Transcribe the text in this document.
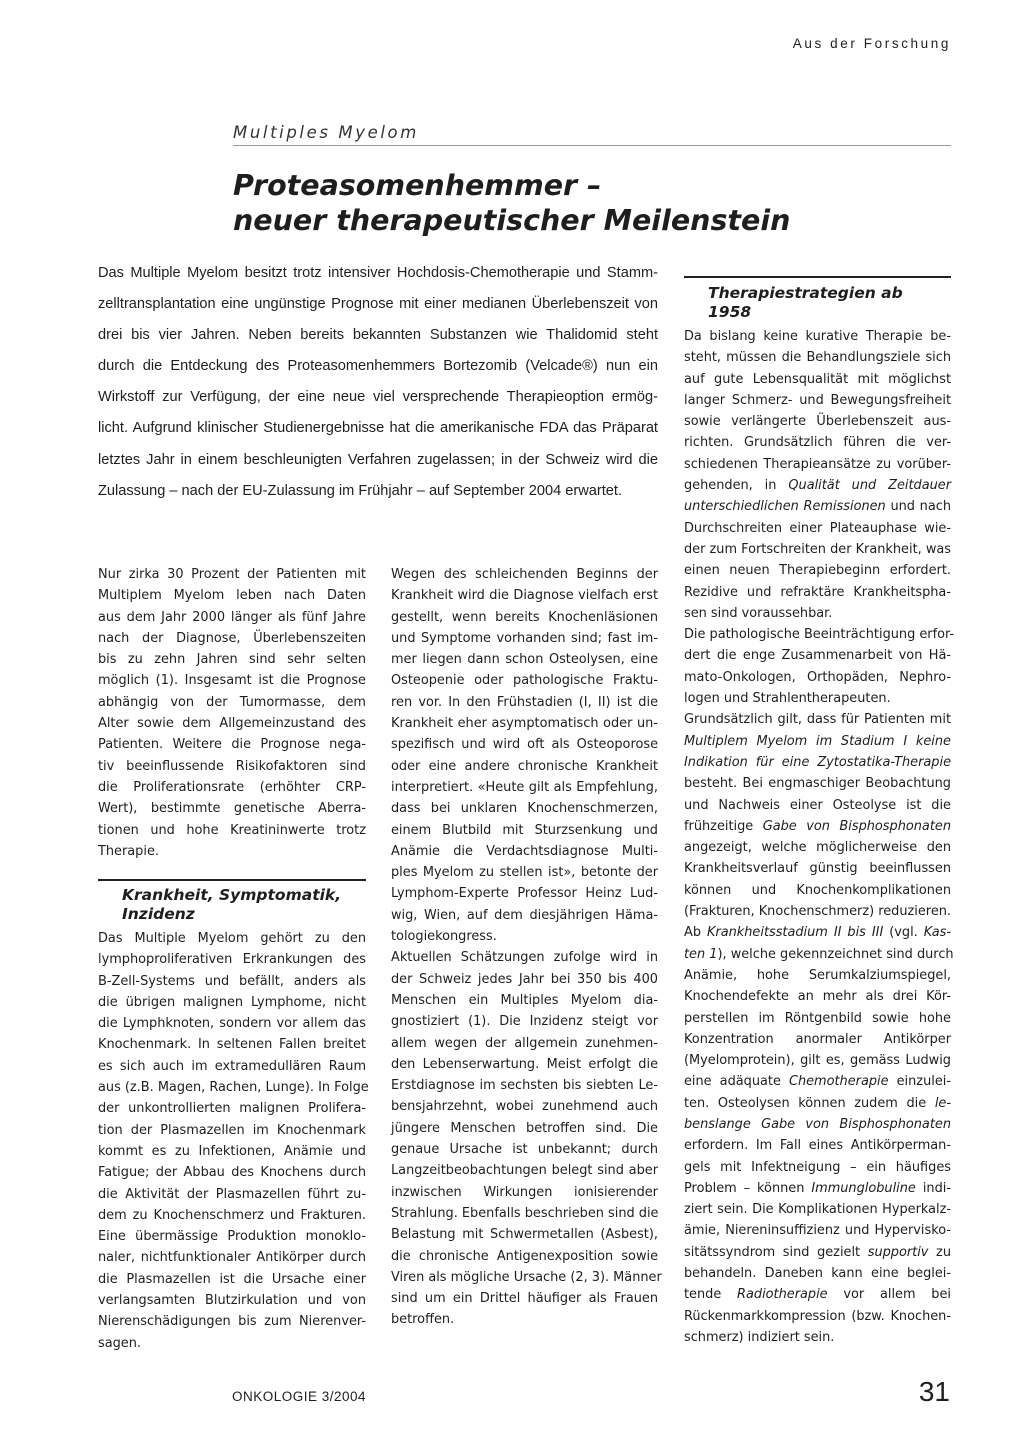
Aus der Forschung
Multiples Myelom
Proteasomenhemmer –
neuer therapeutischer Meilenstein
Das Multiple Myelom besitzt trotz intensiver Hochdosis-Chemotherapie und Stamm-
zelltransplantation eine ungünstige Prognose mit einer medianen Überlebenszeit von
drei bis vier Jahren. Neben bereits bekannten Substanzen wie Thalidomid steht
durch die Entdeckung des Proteasomenhemmers Bortezomib (Velcade®) nun ein
Wirkstoff zur Verfügung, der eine neue viel versprechende Therapieoption ermög-
licht. Aufgrund klinischer Studienergebnisse hat die amerikanische FDA das Präparat
letztes Jahr in einem beschleunigten Verfahren zugelassen; in der Schweiz wird die
Zulassung – nach der EU-Zulassung im Frühjahr – auf September 2004 erwartet.
Nur zirka 30 Prozent der Patienten mit
Multiplem Myelom leben nach Daten
aus dem Jahr 2000 länger als fünf Jahre
nach der Diagnose, Überlebenszeiten
bis zu zehn Jahren sind sehr selten
möglich (1). Insgesamt ist die Prognose
abhängig von der Tumormasse, dem
Alter sowie dem Allgemeinzustand des
Patienten. Weitere die Prognose nega-
tiv beeinflussende Risikofaktoren sind
die Proliferationsrate (erhöhter CRP-
Wert), bestimmte genetische Aberra-
tionen und hohe Kreatininwerte trotz
Therapie.
Krankheit, Symptomatik,
Inzidenz
Das Multiple Myelom gehört zu den
lymphoproliferativen Erkrankungen des
B-Zell-Systems und befällt, anders als
die übrigen malignen Lymphome, nicht
die Lymphknoten, sondern vor allem das
Knochenmark. In seltenen Fallen breitet
es sich auch im extramedullären Raum
aus (z.B. Magen, Rachen, Lunge). In Folge
der unkontrollierten malignen Prolifera-
tion der Plasmazellen im Knochenmark
kommt es zu Infektionen, Anämie und
Fatigue; der Abbau des Knochens durch
die Aktivität der Plasmazellen führt zu-
dem zu Knochenschmerz und Frakturen.
Eine übermässige Produktion monoklo-
naler, nichtfunktionaler Antikörper durch
die Plasmazellen ist die Ursache einer
verlangsamten Blutzirkulation und von
Nierenschädigungen bis zum Nierenver-
sagen.
Wegen des schleichenden Beginns der
Krankheit wird die Diagnose vielfach erst
gestellt, wenn bereits Knochenläsionen
und Symptome vorhanden sind; fast im-
mer liegen dann schon Osteolysen, eine
Osteopenie oder pathologische Fraktu-
ren vor. In den Frühstadien (I, II) ist die
Krankheit eher asymptomatisch oder un-
spezifisch und wird oft als Osteoporose
oder eine andere chronische Krankheit
interpretiert. «Heute gilt als Empfehlung,
dass bei unklaren Knochenschmerzen,
einem Blutbild mit Sturzsenkung und
Anämie die Verdachtsdiagnose Multi-
ples Myelom zu stellen ist», betonte der
Lymphom-Experte Professor Heinz Lud-
wig, Wien, auf dem diesjährigen Häma-
tologiekongress.
Aktuellen Schätzungen zufolge wird in
der Schweiz jedes Jahr bei 350 bis 400
Menschen ein Multiples Myelom dia-
gnostiziert (1). Die Inzidenz steigt vor
allem wegen der allgemein zunehmen-
den Lebenserwartung. Meist erfolgt die
Erstdiagnose im sechsten bis siebten Le-
bensjahrzehnt, wobei zunehmend auch
jüngere Menschen betroffen sind. Die
genaue Ursache ist unbekannt; durch
Langzeitbeobachtungen belegt sind aber
inzwischen Wirkungen ionisierender
Strahlung. Ebenfalls beschrieben sind die
Belastung mit Schwermetallen (Asbest),
die chronische Antigenexposition sowie
Viren als mögliche Ursache (2, 3). Männer
sind um ein Drittel häufiger als Frauen
betroffen.
Therapiestrategien ab
1958
Da bislang keine kurative Therapie be-
steht, müssen die Behandlungsziele sich
auf gute Lebensqualität mit möglichst
langer Schmerz- und Bewegungsfreiheit
sowie verlängerte Überlebenszeit aus-
richten. Grundsätzlich führen die ver-
schiedenen Therapieansätze zu vorüber-
gehenden, in Qualität und Zeitdauer
unterschiedlichen Remissionen und nach
Durchschreiten einer Plateauphase wie-
der zum Fortschreiten der Krankheit, was
einen neuen Therapiebeginn erfordert.
Rezidive und refraktäre Krankheitspha-
sen sind voraussehbar.
Die pathologische Beeinträchtigung erfor-
dert die enge Zusammenarbeit von Hä-
mato-Onkologen, Orthopäden, Nephro-
logen und Strahlentherapeuten.
Grundsätzlich gilt, dass für Patienten mit
Multiplem Myelom im Stadium I keine
Indikation für eine Zytostatika-Therapie
besteht. Bei engmaschiger Beobachtung
und Nachweis einer Osteolyse ist die
frühzeitige Gabe von Bisphosphonaten
angezeigt, welche möglicherweise den
Krankheitsverlauf günstig beeinflussen
können und Knochenkomplikationen
(Frakturen, Knochenschmerz) reduzieren.
Ab Krankheitsstadium II bis III (vgl. Kas-
ten 1), welche gekennzeichnet sind durch
Anämie, hohe Serumkalziumspiegel,
Knochendefekte an mehr als drei Kör-
perstellen im Röntgenbild sowie hohe
Konzentration anormaler Antikörper
(Myelomprotein), gilt es, gemäss Ludwig
eine adäquate Chemotherapie einzulei-
ten. Osteolysen können zudem die le-
benslange Gabe von Bisphosphonaten
erfordern. Im Fall eines Antikörperman-
gels mit Infektneigung – ein häufiges
Problem – können Immunglobuline indi-
ziert sein. Die Komplikationen Hyperkalz-
ämie, Niereninsuffizienz und Hypervisko-
sitätssyndrom sind gezielt supportiv zu
behandeln. Daneben kann eine beglei-
tende Radiotherapie vor allem bei
Rückenmarkkompression (bzw. Knochen-
schmerz) indiziert sein.
ONKOLOGIE 3/2004	31
